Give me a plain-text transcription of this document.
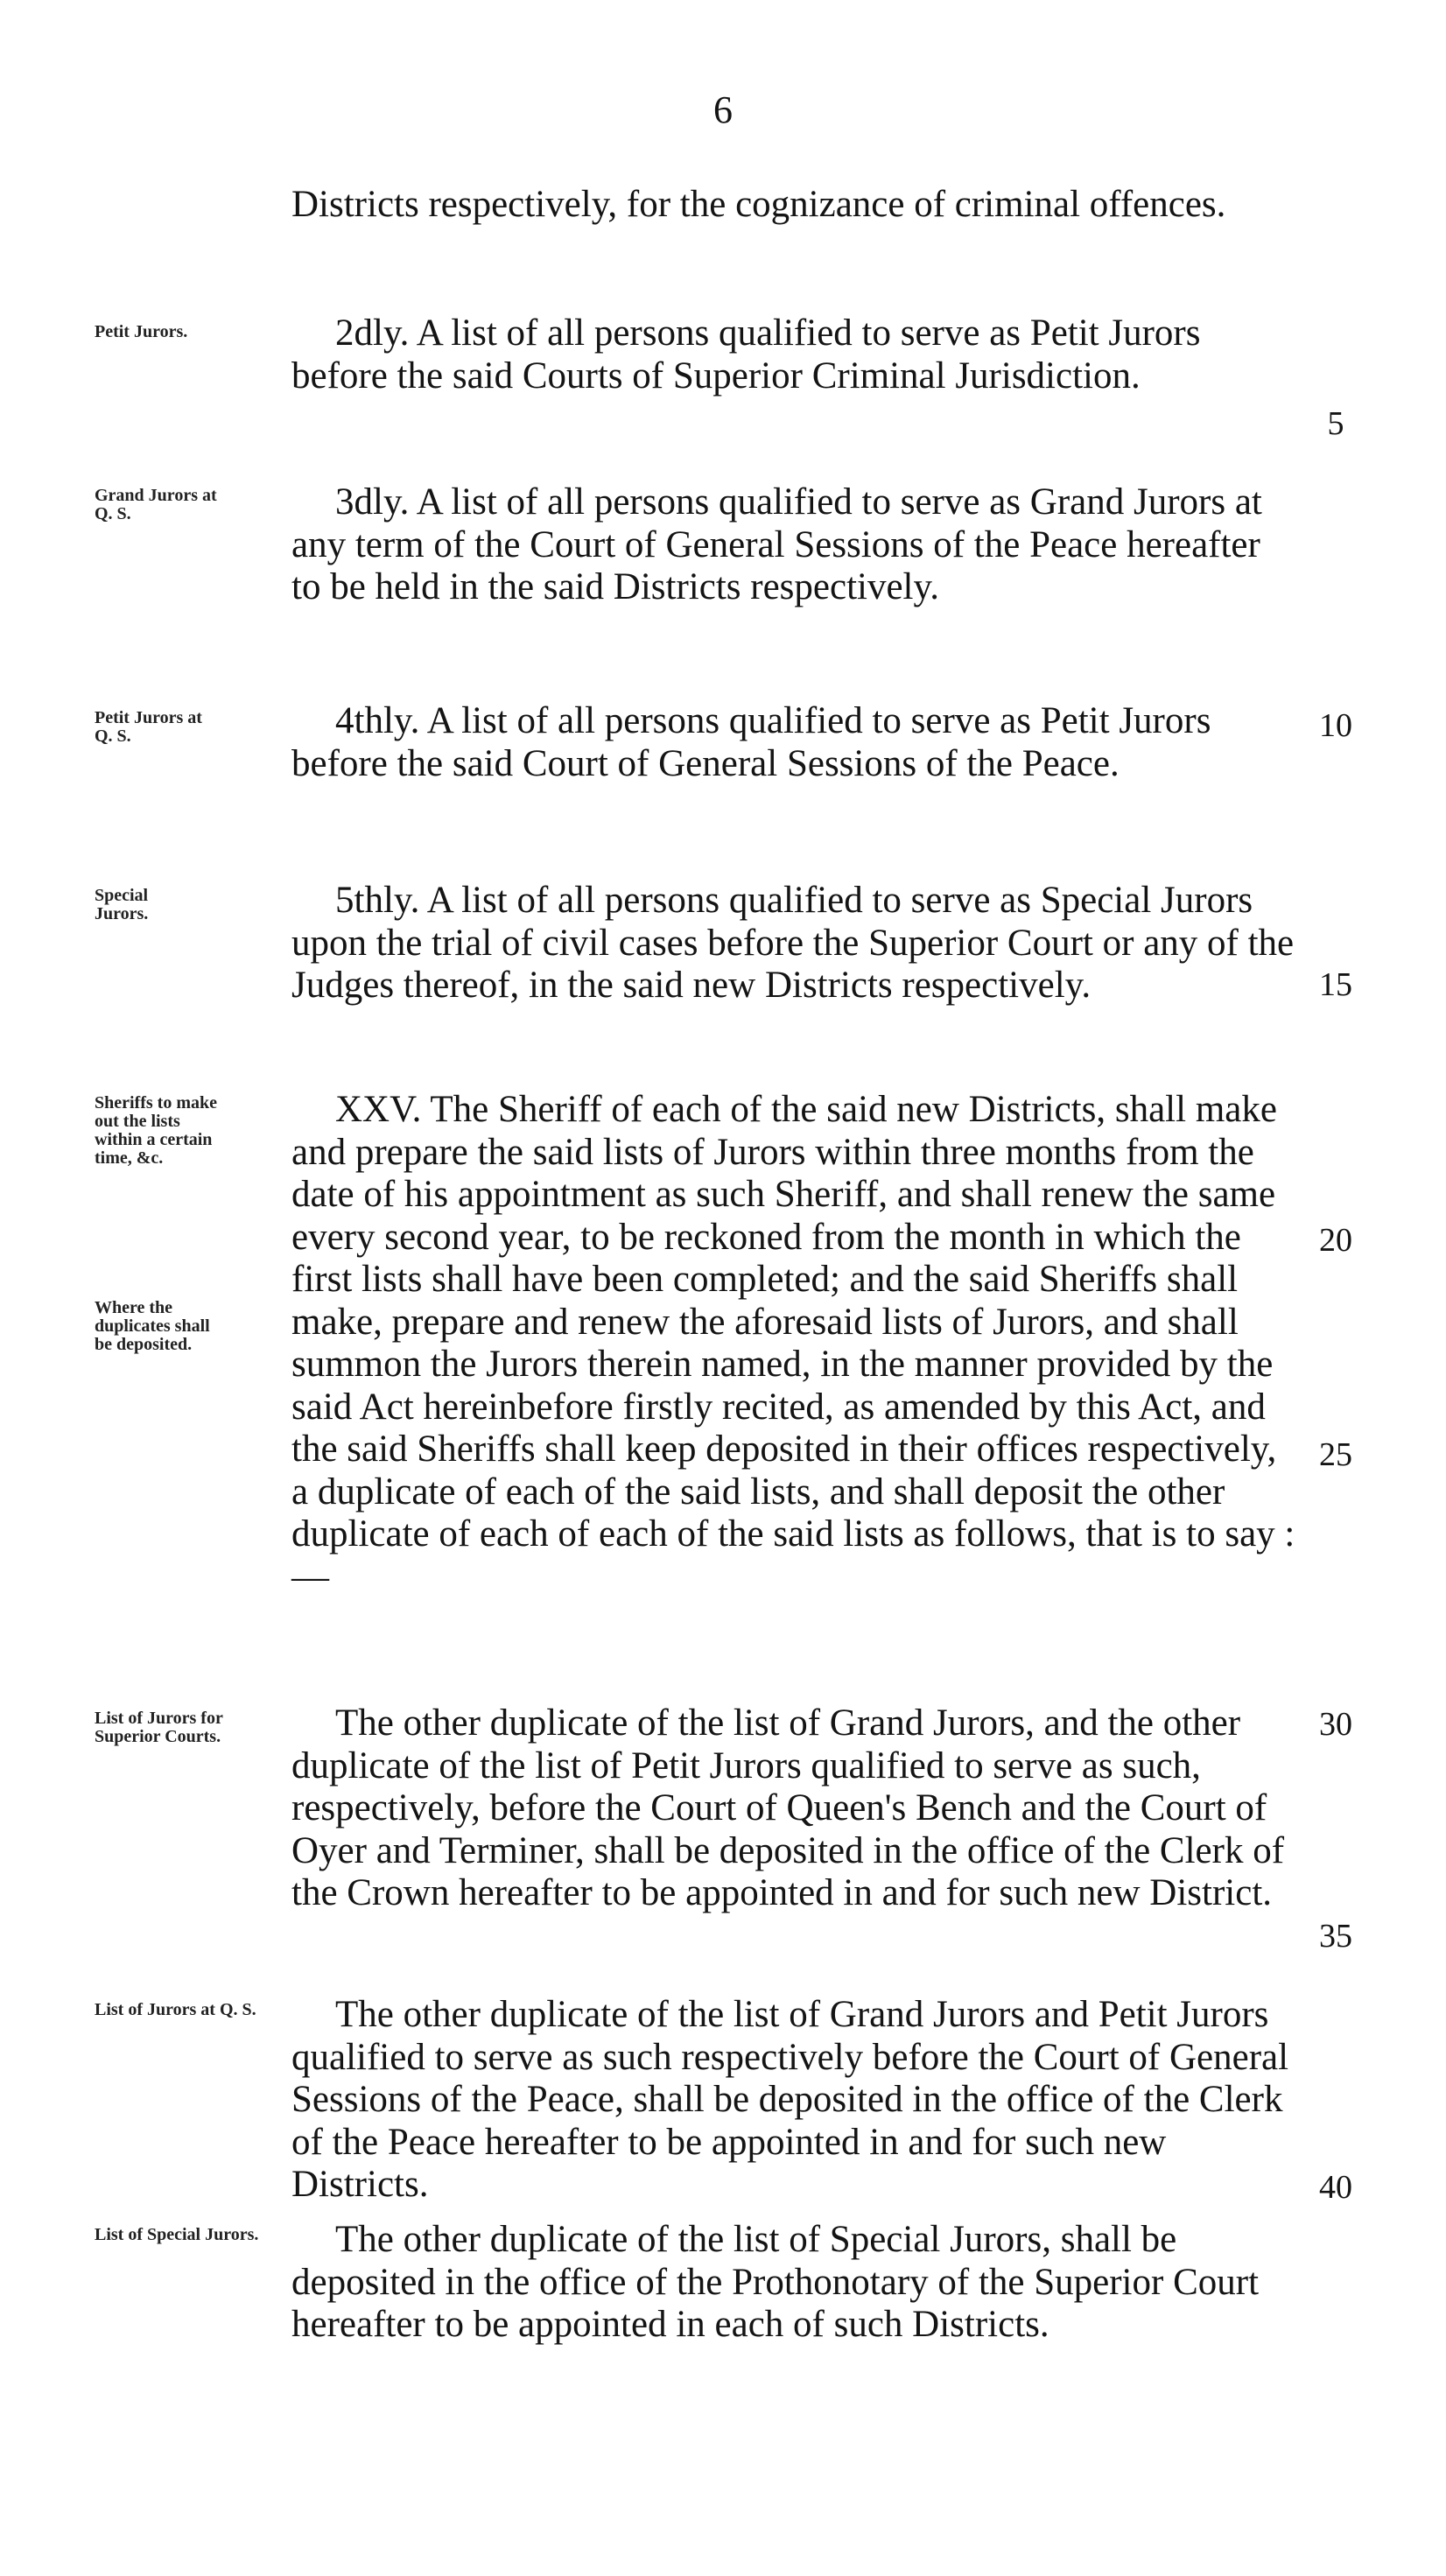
6
Districts respectively, for the cognizance of criminal offences.
Petit Jurors.	2dly. A list of all persons qualified to serve as Petit Jurors before the said Courts of Superior Criminal Jurisdiction.
Grand Jurors at Q. S.	3dly. A list of all persons qualified to serve as Grand Jurors at any term of the Court of General Sessions of the Peace hereafter to be held in the said Districts respectively.
Petit Jurors at Q. S.	4thly. A list of all persons qualified to serve as Petit Jurors before the said Court of General Sessions of the Peace.
Special Jurors.	5thly. A list of all persons qualified to serve as Special Jurors upon the trial of civil cases before the Superior Court or any of the Judges thereof, in the said new Districts respectively.
Sheriffs to make out the lists within a certain time, &c.
Where the duplicates shall be deposited.
XXV. The Sheriff of each of the said new Districts, shall make and prepare the said lists of Jurors within three months from the date of his appointment as such Sheriff, and shall renew the same every second year, to be reckoned from the month in which the first lists shall have been completed; and the said Sheriffs shall make, prepare and renew the aforesaid lists of Jurors, and shall summon the Jurors therein named, in the manner provided by the said Act hereinbefore firstly recited, as amended by this Act, and the said Sheriffs shall keep deposited in their offices respectively, a duplicate of each of the said lists, and shall deposit the other duplicate of each of each of the said lists as follows, that is to say :—
List of Jurors for Superior Courts.	The other duplicate of the list of Grand Jurors, and the other duplicate of the list of Petit Jurors qualified to serve as such, respectively, before the Court of Queen's Bench and the Court of Oyer and Terminer, shall be deposited in the office of the Clerk of the Crown hereafter to be appointed in and for such new District.
List of Jurors at Q. S.	The other duplicate of the list of Grand Jurors and Petit Jurors qualified to serve as such respectively before the Court of General Sessions of the Peace, shall be deposited in the office of the Clerk of the Peace hereafter to be appointed in and for such new Districts.
List of Special Jurors.	The other duplicate of the list of Special Jurors, shall be deposited in the office of the Prothonotary of the Superior Court hereafter to be appointed in each of such Districts.
5
10
15
20
25
30
35
40
